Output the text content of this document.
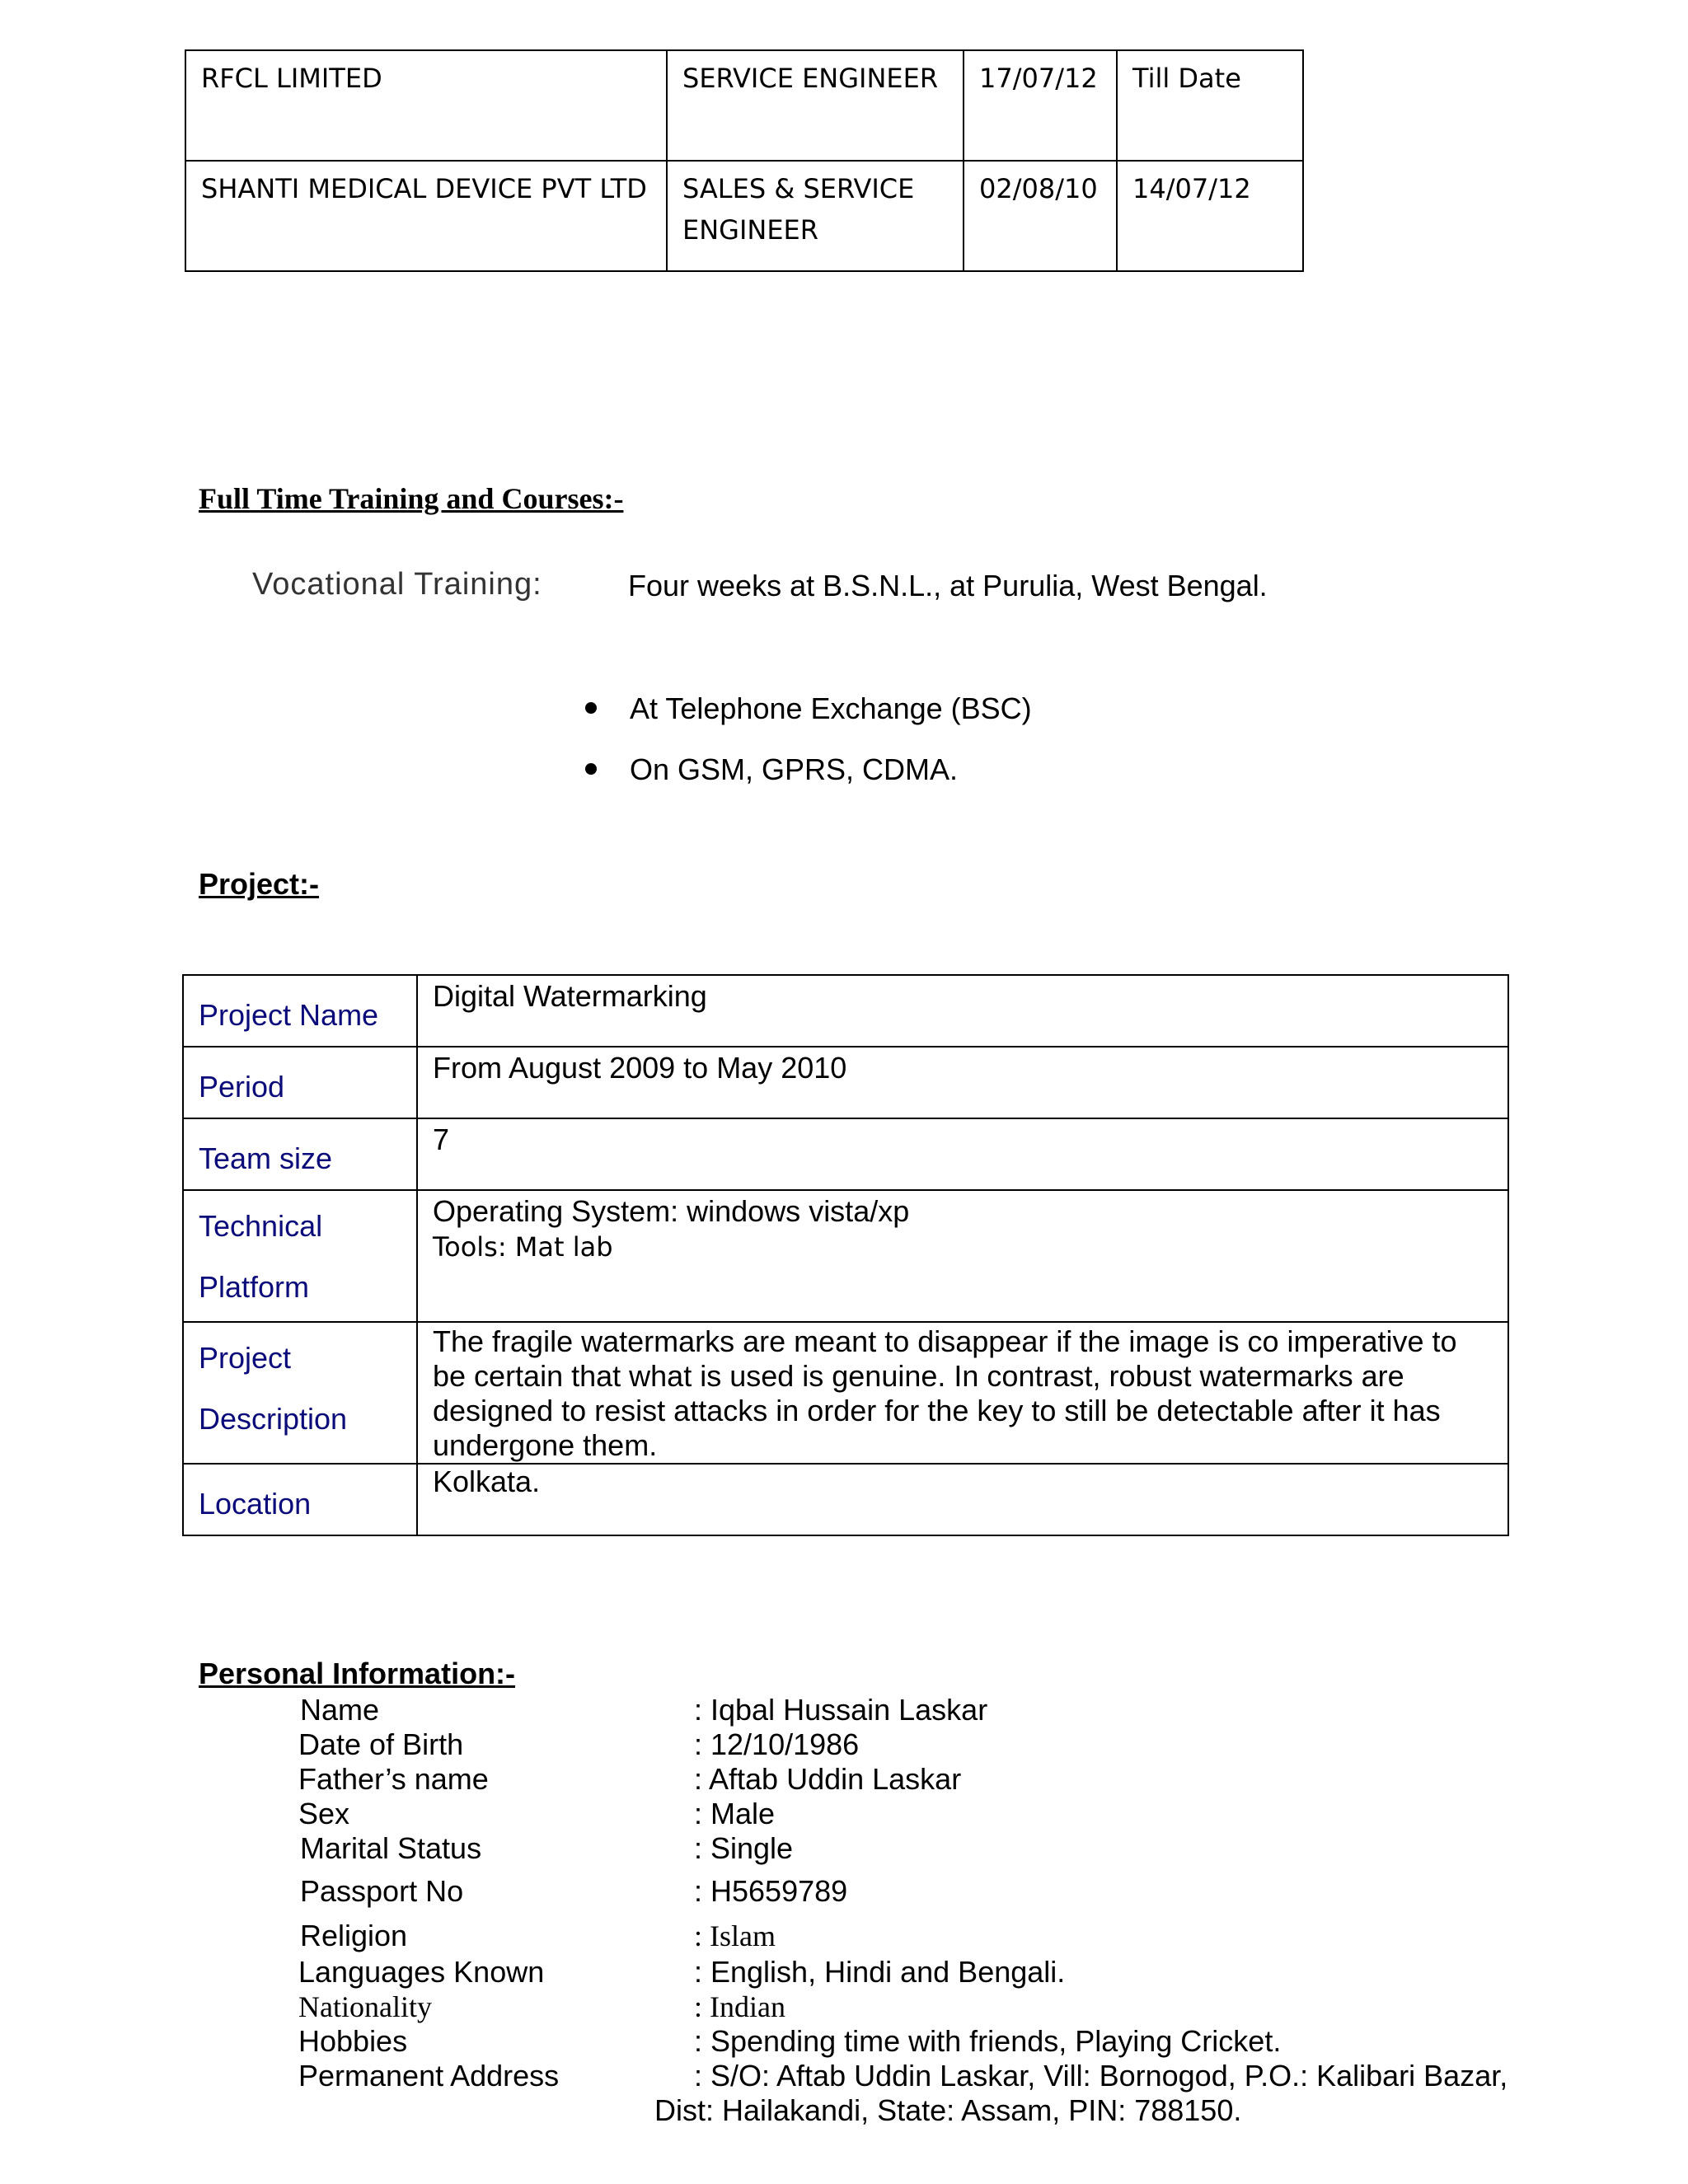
RFCL LIMITED	SERVICE ENGINEER	17/07/12	Till Date
SHANTI MEDICAL DEVICE PVT LTD	SALES & SERVICE ENGINEER	02/08/10	14/07/12
Full Time Training and Courses:-
Vocational Training:	Four weeks at B.S.N.L., at Purulia, West Bengal.
At Telephone Exchange (BSC)
On GSM, GPRS, CDMA.
Project:-
Project Name	Digital Watermarking
Period	From August 2009 to May 2010
Team size	7
Technical Platform	Operating System: windows vista/xp
Tools: Mat lab

Project Description	The fragile watermarks are meant to disappear if the image is co imperative to be certain that what is used is genuine. In contrast, robust watermarks are designed to resist attacks in order for the key to still be detectable after it has undergone them.
Location	Kolkata.
Personal Information:-
Name	: Iqbal Hussain Laskar
Date of Birth	: 12/10/1986
Father’s name	: Aftab Uddin Laskar
Sex	: Male
Marital Status	: Single
Passport No	: H5659789
Religion	: Islam
Languages Known	: English, Hindi and Bengali.
Nationality	: Indian
Hobbies	: Spending time with friends, Playing Cricket.
Permanent Address	: S/O: Aftab Uddin Laskar, Vill: Bornogod, P.O.: Kalibari Bazar,
Dist: Hailakandi, State: Assam, PIN: 788150.
